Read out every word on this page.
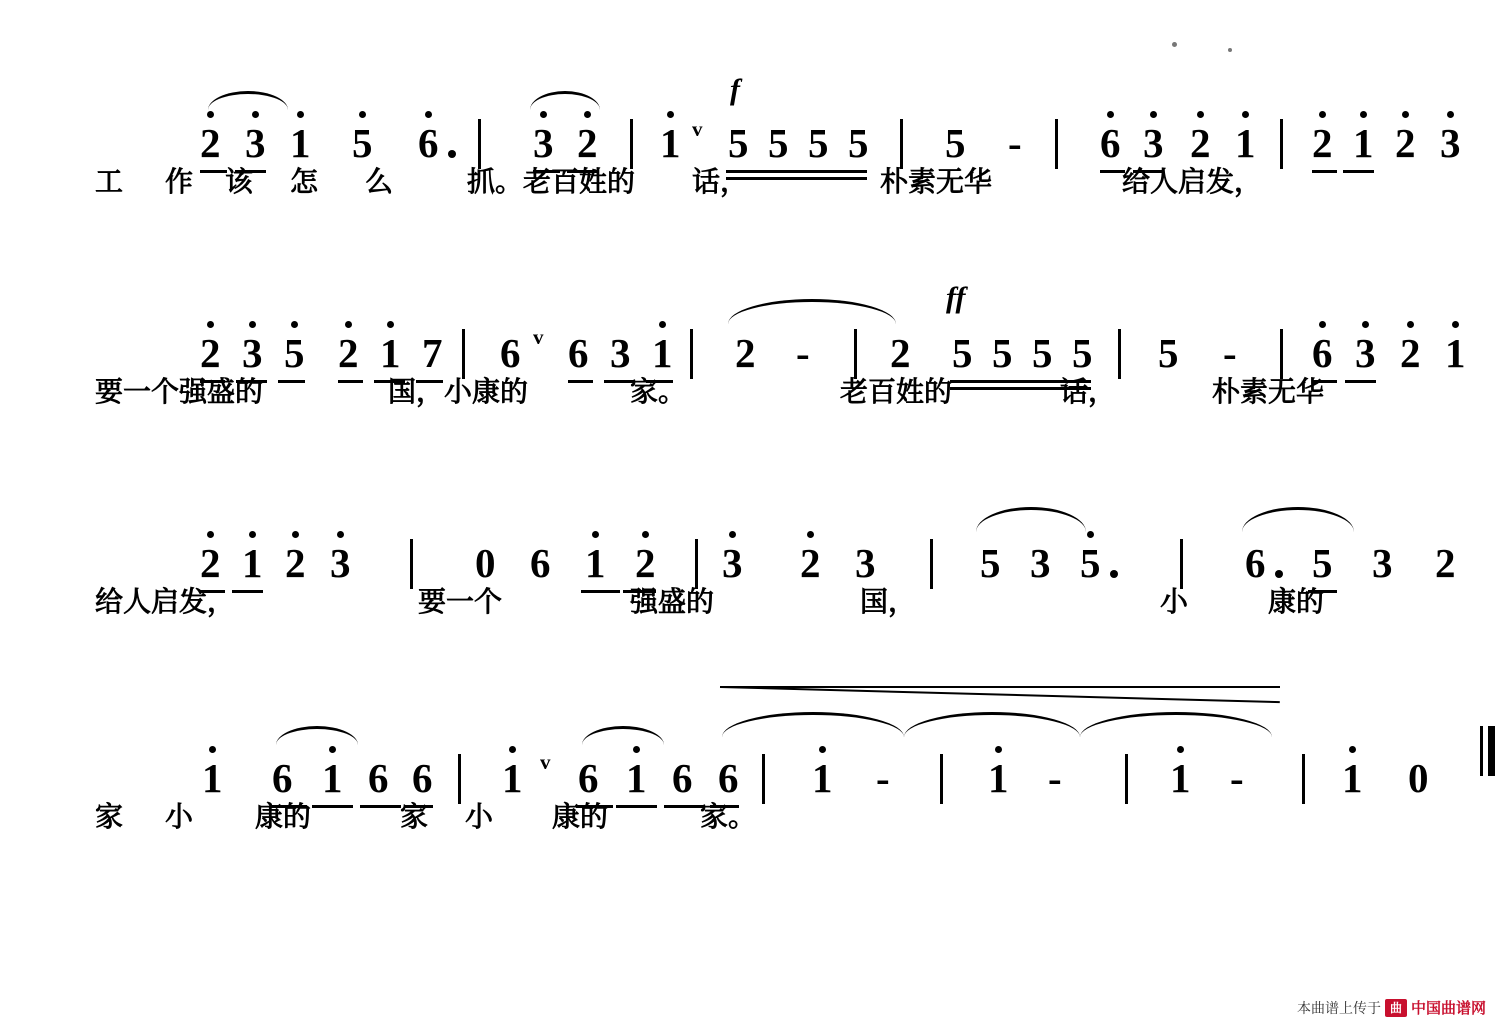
f
2 3 1 5 6 3 2 1 v 5 5 5 5 5 - 6 3 2 1 2 1 2 3
工 作 该 怎 么	抓。老百姓的 话，	朴素无华	给人启发，
ff
2 3 5 2 1 7 6 v 6 3 1 2 - 2 5 5 5 5 5 - 6 3 2 1
要一个强盛的	国，小康的	家。	老百姓的	话，	朴素无华
2 1 2 3	0 6 1 2 3 2 3	5 3 5	6 5 3 2
给人启发，	要一个	强盛的	国，	小	康的
1 6 1 6 6 1 v 6 1 6 6 1 - 1 -	1 - 1 0
家 小 康的	家 小 康的	家。
本曲谱上传于 曲 中国曲谱网
